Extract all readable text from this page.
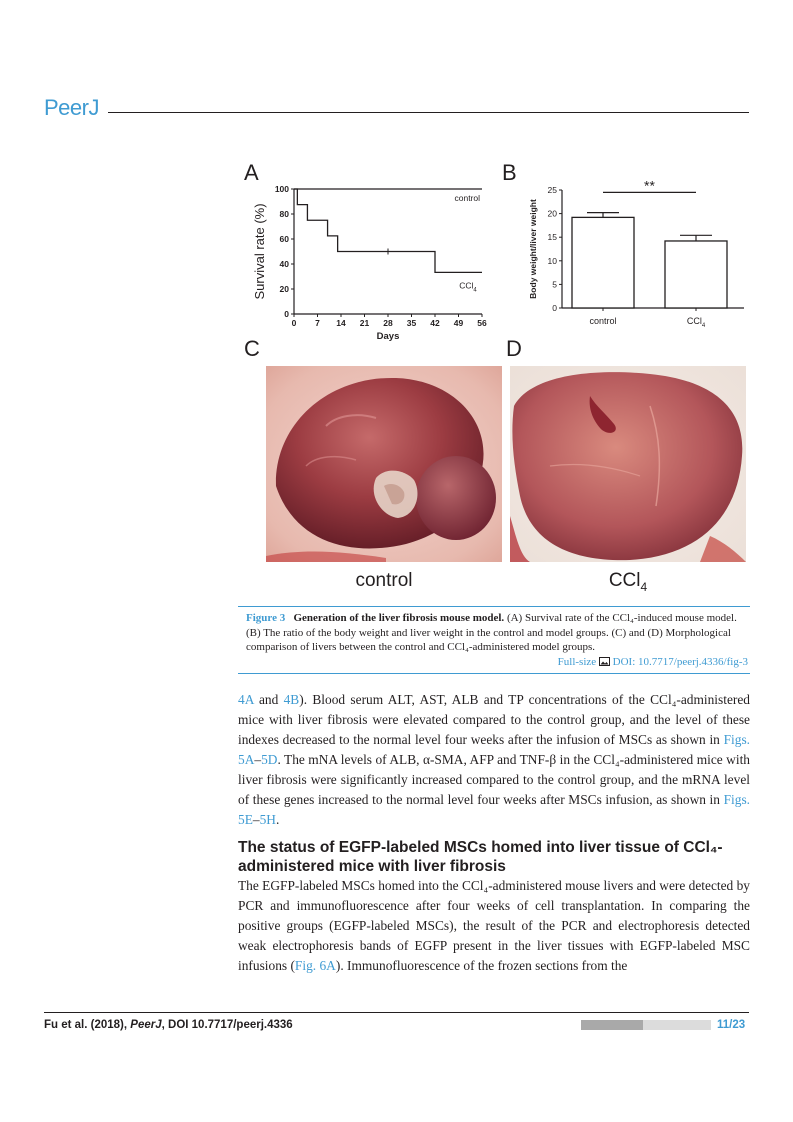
PeerJ
A	B
C	D
0 7 14 21 28 35 42 49 56
0
20
40
60
80
100
Days
Survival rate (%)
control
CCl$_4$
0
5
10
15
20
25
Body weight/liver weight
control	CCl$_4$
**
control	CCl$_4$
Figure 3 Generation of the liver fibrosis mouse model. (A) Survival rate of the CCl₄-induced mouse model. (B) The ratio of the body weight and liver weight in the control and model groups. (C) and (D) Morphological comparison of livers between the control and CCl₄-administered model groups.
Full-size DOI: 10.7717/peerj.4336/fig-3
4A and 4B). Blood serum ALT, AST, ALB and TP concentrations of the CCl₄-administered mice with liver fibrosis were elevated compared to the control group, and the level of these indexes decreased to the normal level four weeks after the infusion of MSCs as shown in Figs. 5A–5D. The mNA levels of ALB, α-SMA, AFP and TNF-β in the CCl₄-administered mice with liver fibrosis were significantly increased compared to the control group, and the mRNA level of these genes increased to the normal level four weeks after MSCs infusion, as shown in Figs. 5E–5H.
The status of EGFP-labeled MSCs homed into liver tissue of CCl₄-administered mice with liver fibrosis
The EGFP-labeled MSCs homed into the CCl₄-administered mouse livers and were detected by PCR and immunofluorescence after four weeks of cell transplantation. In comparing the positive groups (EGFP-labeled MSCs), the result of the PCR and electrophoresis detected weak electrophoresis bands of EGFP present in the liver tissues with EGFP-labeled MSC infusions (Fig. 6A). Immunofluorescence of the frozen sections from the
Fu et al. (2018), PeerJ, DOI 10.7717/peerj.4336	11/23
